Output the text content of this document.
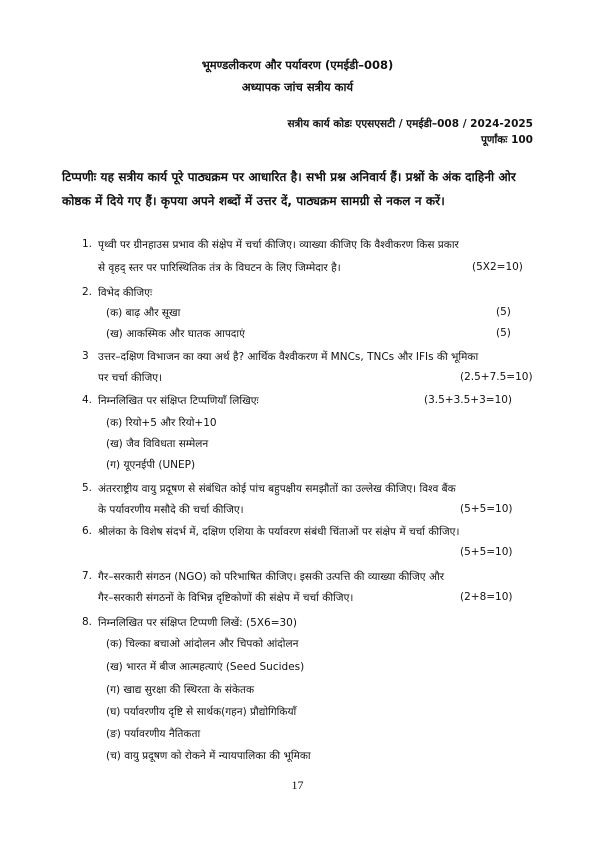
भूमण्डलीकरण और पर्यावरण (एमईडी–008)
अध्यापक जांच सत्रीय कार्य
सत्रीय कार्य कोडः एएसएसटी / एमईडी–008 / 2024-2025
पूर्णांकः 100
टिप्पणीः यह सत्रीय कार्य पूरे पाठ्यक्रम पर आधारित है। सभी प्रश्न अनिवार्य हैं। प्रश्नों के अंक दाहिनी ओर
कोष्ठक में दिये गए हैं। कृपया अपने शब्दों में उत्तर दें, पाठ्यक्रम सामग्री से नकल न करें।
1. पृथ्वी पर ग्रीनहाउस प्रभाव की संक्षेप में चर्चा कीजिए। व्याख्या कीजिए कि वैश्वीकरण किस प्रकार
से वृहद् स्तर पर पारिस्थितिक तंत्र के विघटन के लिए जिम्मेदार है।	(5X2=10)
2. विभेद कीजिएः
(क) बाढ़ और सूखा	(5)
(ख) आकस्मिक और घातक आपदाएं	(5)
3 उत्तर–दक्षिण विभाजन का क्या अर्थ है? आर्थिक वैश्वीकरण में MNCs, TNCs और IFIs की भूमिका
पर चर्चा कीजिए।	(2.5+7.5=10)
4. निम्नलिखित पर संक्षिप्त टिप्पणियाँ लिखिएः	(3.5+3.5+3=10)
(क) रियो+5 और रियो+10
(ख) जैव विविधता सम्मेलन
(ग) यूएनईपी (UNEP)
5. अंतरराष्ट्रीय वायु प्रदूषण से संबंधित कोई पांच बहुपक्षीय समझौतों का उल्लेख कीजिए। विश्व बैंक
के पर्यावरणीय मसौदे की चर्चा कीजिए।	(5+5=10)
6. श्रीलंका के विशेष संदर्भ में, दक्षिण एशिया के पर्यावरण संबंधी चिंताओं पर संक्षेप में चर्चा कीजिए।
(5+5=10)
7. गैर–सरकारी संगठन (NGO) को परिभाषित कीजिए। इसकी उत्पत्ति की व्याख्या कीजिए और
गैर–सरकारी संगठनों के विभिन्न दृष्टिकोणों की संक्षेप में चर्चा कीजिए।	(2+8=10)
8. निम्नलिखित पर संक्षिप्त टिप्पणी लिखें: (5X6=30)
(क) चिल्का बचाओ आंदोलन और चिपको आंदोलन
(ख) भारत में बीज आत्महत्याएं (Seed Sucides)
(ग) खाद्य सुरक्षा की स्थिरता के संकेतक
(घ) पर्यावरणीय दृष्टि से सार्थक(गहन) प्रौद्योगिकियाँ
(ङ) पर्यावरणीय नैतिकता
(च) वायु प्रदूषण को रोकने में न्यायपालिका की भूमिका
17
